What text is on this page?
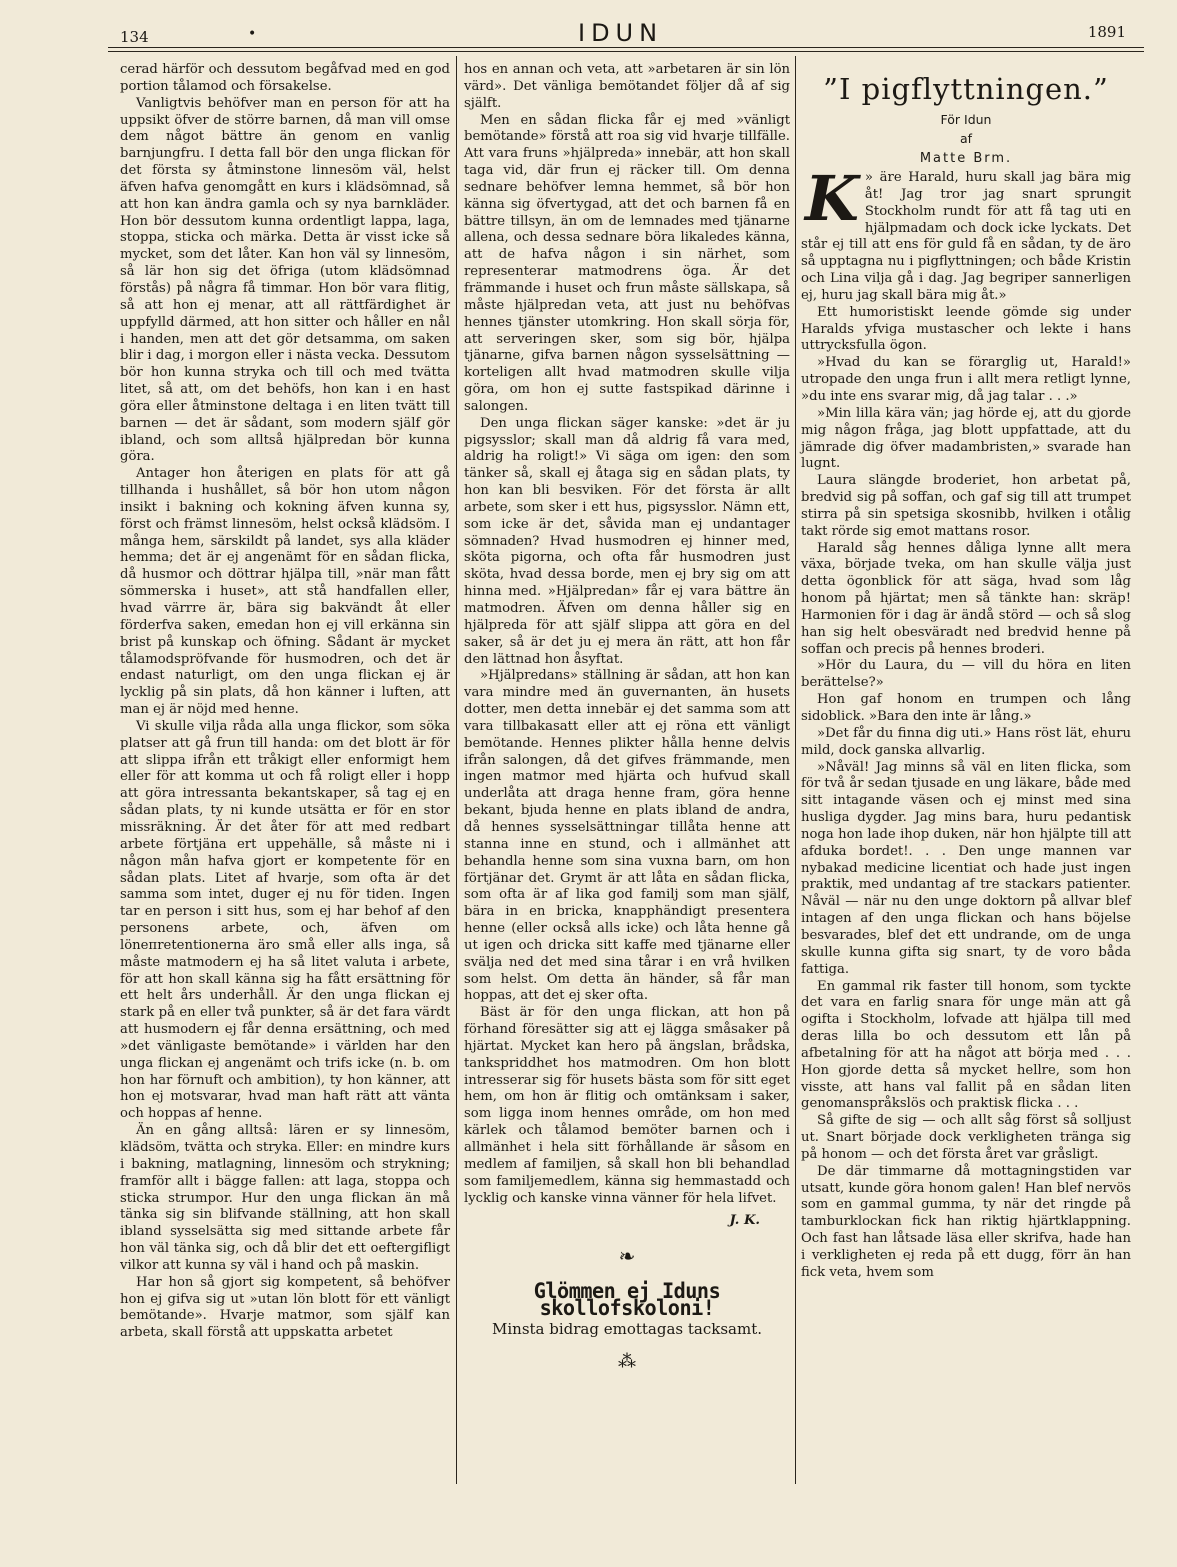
134	•	IDUN	1891

cerad härför och dessutom begåfvad med en god portion tålamod och försakelse.

Vanligtvis behöfver man en person för att ha uppsikt öfver de större barnen, då man vill omse dem något bättre än genom en vanlig barnjungfru. I detta fall bör den unga flickan för det första sy åtminstone linnesöm väl, helst äfven hafva genomgått en kurs i klädsömnad, så att hon kan ändra gamla och sy nya barnkläder. Hon bör dessutom kunna ordentligt lappa, laga, stoppa, sticka och märka. Detta är visst icke så mycket, som det låter. Kan hon väl sy linnesöm, så lär hon sig det öfriga (utom klädsömnad förstås) på några få timmar. Hon bör vara flitig, så att hon ej menar, att all rättfärdighet är uppfylld därmed, att hon sitter och håller en nål i handen, men att det gör detsamma, om saken blir i dag, i morgon eller i nästa vecka. Dessutom bör hon kunna stryka och till och med tvätta litet, så att, om det behöfs, hon kan i en hast göra eller åtminstone deltaga i en liten tvätt till barnen — det är sådant, som modern själf gör ibland, och som alltså hjälpredan bör kunna göra.

Antager hon återigen en plats för att gå tillhanda i hushållet, så bör hon utom någon insikt i bakning och kokning äfven kunna sy, först och främst linnesöm, helst också klädsöm. I många hem, särskildt på landet, sys alla kläder hemma; det är ej angenämt för en sådan flicka, då husmor och döttrar hjälpa till, »när man fått sömmerska i huset», att stå handfallen eller, hvad värrre är, bära sig bakvändt åt eller förderfva saken, emedan hon ej vill erkänna sin brist på kunskap och öfning. Sådant är mycket tålamodspröfvande för husmodren, och det är endast naturligt, om den unga flickan ej är lycklig på sin plats, då hon känner i luften, att man ej är nöjd med henne.

Vi skulle vilja råda alla unga flickor, som söka platser att gå frun till handa: om det blott är för att slippa ifrån ett tråkigt eller enformigt hem eller för att komma ut och få roligt eller i hopp att göra intressanta bekantskaper, så tag ej en sådan plats, ty ni kunde utsätta er för en stor missräkning. Är det åter för att med redbart arbete förtjäna ert uppehälle, så måste ni i någon mån hafva gjort er kompetente för en sådan plats. Litet af hvarje, som ofta är det samma som intet, duger ej nu för tiden. Ingen tar en person i sitt hus, som ej har behof af den personens arbete, och, äfven om löneпretentionerna äro små eller alls inga, så måste matmodern ej ha så litet valuta i arbete, för att hon skall känna sig ha fått ersättning för ett helt års underhåll. Är den unga flickan ej stark på en eller två punkter, så är det fara värdt att husmodern ej får denna ersättning, och med »det vänligaste bemötande» i världen har den unga flickan ej angenämt och trifs icke (n. b. om hon har förnuft och ambition), ty hon känner, att hon ej motsvarar, hvad man haft rätt att vänta och hoppas af henne.

Än en gång alltså: lären er sy linnesöm, klädsöm, tvätta och stryka. Eller: en mindre kurs i bakning, matlagning, linnesöm och strykning; framför allt i bägge fallen: att laga, stoppa och sticka strumpor. Hur den unga flickan än må tänka sig sin blifvande ställning, att hon skall ibland sysselsätta sig med sittande arbete får hon väl tänka sig, och då blir det ett oeftergifligt vilkor att kunna sy väl i hand och på maskin.

Har hon så gjort sig kompetent, så behöfver hon ej gifva sig ut »utan lön blott för ett vänligt bemötande». Hvarje matmor, som själf kan arbeta, skall förstå att uppskatta arbetet

hos en annan och veta, att »arbetaren är sin lön värd». Det vänliga bemötandet följer då af sig själft.

Men en sådan flicka får ej med »vänligt bemötande» förstå att roa sig vid hvarje tillfälle. Att vara fruns »hjälpreda» innebär, att hon skall taga vid, där frun ej räcker till. Om denna sednare behöfver lemna hemmet, så bör hon känna sig öfvertygad, att det och barnen få en bättre tillsyn, än om de lemnades med tjänarne allena, och dessa sednare böra likaledes känna, att de hafva någon i sin närhet, som representerar matmodrens öga. Är det främmande i huset och frun måste sällskapa, så måste hjälpredan veta, att just nu behöfvas hennes tjänster utomkring. Hon skall sörja för, att serveringen sker, som sig bör, hjälpa tjänarne, gifva barnen någon sysselsättning — korteligen allt hvad matmodren skulle vilja göra, om hon ej sutte fastspikad därinne i salongen.

Den unga flickan säger kanske: »det är ju pigsysslor; skall man då aldrig få vara med, aldrig ha roligt!» Vi säga om igen: den som tänker så, skall ej åtaga sig en sådan plats, ty hon kan bli besviken. För det första är allt arbete, som sker i ett hus, pigsysslor. Nämn ett, som icke är det, såvida man ej undantager sömnaden? Hvad husmodren ej hinner med, sköta pigorna, och ofta får husmodren just sköta, hvad dessa borde, men ej bry sig om att hinna med. »Hjälpredan» får ej vara bättre än matmodren. Äfven om denna håller sig en hjälpreda för att själf slippa att göra en del saker, så är det ju ej mera än rätt, att hon får den lättnad hon åsyftat.

»Hjälpredans» ställning är sådan, att hon kan vara mindre med än guvernanten, än husets dotter, men detta innebär ej det samma som att vara tillbakasatt eller att ej röna ett vänligt bemötande. Hennes plikter hålla henne delvis ifrån salongen, då det gifves främmande, men ingen matmor med hjärta och hufvud skall underlåta att draga henne fram, göra henne bekant, bjuda henne en plats ibland de andra, då hennes sysselsättningar tillåta henne att stanna inne en stund, och i allmänhet att behandla henne som sina vuxna barn, om hon förtjänar det. Grymt är att låta en sådan flicka, som ofta är af lika god familj som man själf, bära in en bricka, knapphändigt presentera henne (eller också alls icke) och låta henne gå ut igen och dricka sitt kaffe med tjänarne eller svälja ned det med sina tårar i en vrå hvilken som helst. Om detta än händer, så får man hoppas, att det ej sker ofta.

Bäst är för den unga flickan, att hon på förhand föresätter sig att ej lägga småsaker på hjärtat. Mycket kan hero på ängslan, brådska, tankspriddhet hos matmodren. Om hon blott intresserar sig för husets bästa som för sitt eget hem, om hon är flitig och omtänksam i saker, som ligga inom hennes område, om hon med kärlek och tålamod bemöter barnen och i allmänhet i hela sitt förhållande är såsom en medlem af familjen, så skall hon bli behandlad som familjemedlem, känna sig hemmastadd och lycklig och kanske vinna vänner för hela lifvet.

J. K.
❧
Glömmen ej Iduns skollofskoloni!
Minsta bidrag emottagas tacksamt.
⁂
”I pigflyttningen.”
För Idun
af
Matte Brm.

K » äre Harald, huru skall jag bära mig åt! Jag tror jag snart sprungit Stockholm rundt för att få tag uti en hjälpmadam och dock icke lyckats. Det står ej till att ens för guld få en sådan, ty de äro så upptagna nu i pigflyttningen; och både Kristin och Lina vilja gå i dag. Jag begriper sannerligen ej, huru jag skall bära mig åt.»

Ett humoristiskt leende gömde sig under Haralds yfviga mustascher och lekte i hans uttrycksfulla ögon.

»Hvad du kan se förarglig ut, Harald!» utropade den unga frun i allt mera retligt lynne, »du inte ens svarar mig, då jag talar . . .»

»Min lilla kära vän; jag hörde ej, att du gjorde mig någon fråga, jag blott uppfattade, att du jämrade dig öfver madambristen,» svarade han lugnt.

Laura slängde broderiet, hon arbetat på, bredvid sig på soffan, och gaf sig till att trumpet stirra på sin spetsiga skosnibb, hvilken i otålig takt rörde sig emot mattans rosor.

Harald såg hennes dåliga lynne allt mera växa, började tveka, om han skulle välja just detta ögonblick för att säga, hvad som låg honom på hjärtat; men så tänkte han: skräp! Harmonien för i dag är ändå störd — och så slog han sig helt obesväradt ned bredvid henne på soffan och precis på hennes broderi.

»Hör du Laura, du — vill du höra en liten berättelse?»

Hon gaf honom en trumpen och lång sidoblick. »Bara den inte är lång.»

»Det får du finna dig uti.» Hans röst lät, ehuru mild, dock ganska allvarlig.

»Nåväl! Jag minns så väl en liten flicka, som för två år sedan tjusade en ung läkare, både med sitt intagande väsen och ej minst med sina husliga dygder. Jag mins bara, huru pedantisk noga hon lade ihop duken, när hon hjälpte till att afduka bordet!. . . Den unge mannen var nybakad medicine licentiat och hade just ingen praktik, med undantag af tre stackars patienter. Nåväl — när nu den unge doktorn på allvar blef intagen af den unga flickan och hans böjelse besvarades, blef det ett undrande, om de unga skulle kunna gifta sig snart, ty de voro båda fattiga.

En gammal rik faster till honom, som tyckte det vara en farlig snara för unge män att gå ogifta i Stockholm, lofvade att hjälpa till med deras lilla bo och dessutom ett lån på afbetalning för att ha något att börja med . . . Hon gjorde detta så mycket hellre, som hon visste, att hans val fallit på en sådan liten genomanspråkslös och praktisk flicka . . .

Så gifte de sig — och allt såg först så solljust ut. Snart började dock verkligheten tränga sig på honom — och det första året var gråsligt.

De där timmarne då mottagningstiden var utsatt, kunde göra honom galen! Han blef nervös som en gammal gumma, ty när det ringde på tamburklockan fick han riktig hjärtklappning. Och fast han låtsade läsa eller skrifva, hade han i verkligheten ej reda på ett dugg, förr än han fick veta, hvem som
